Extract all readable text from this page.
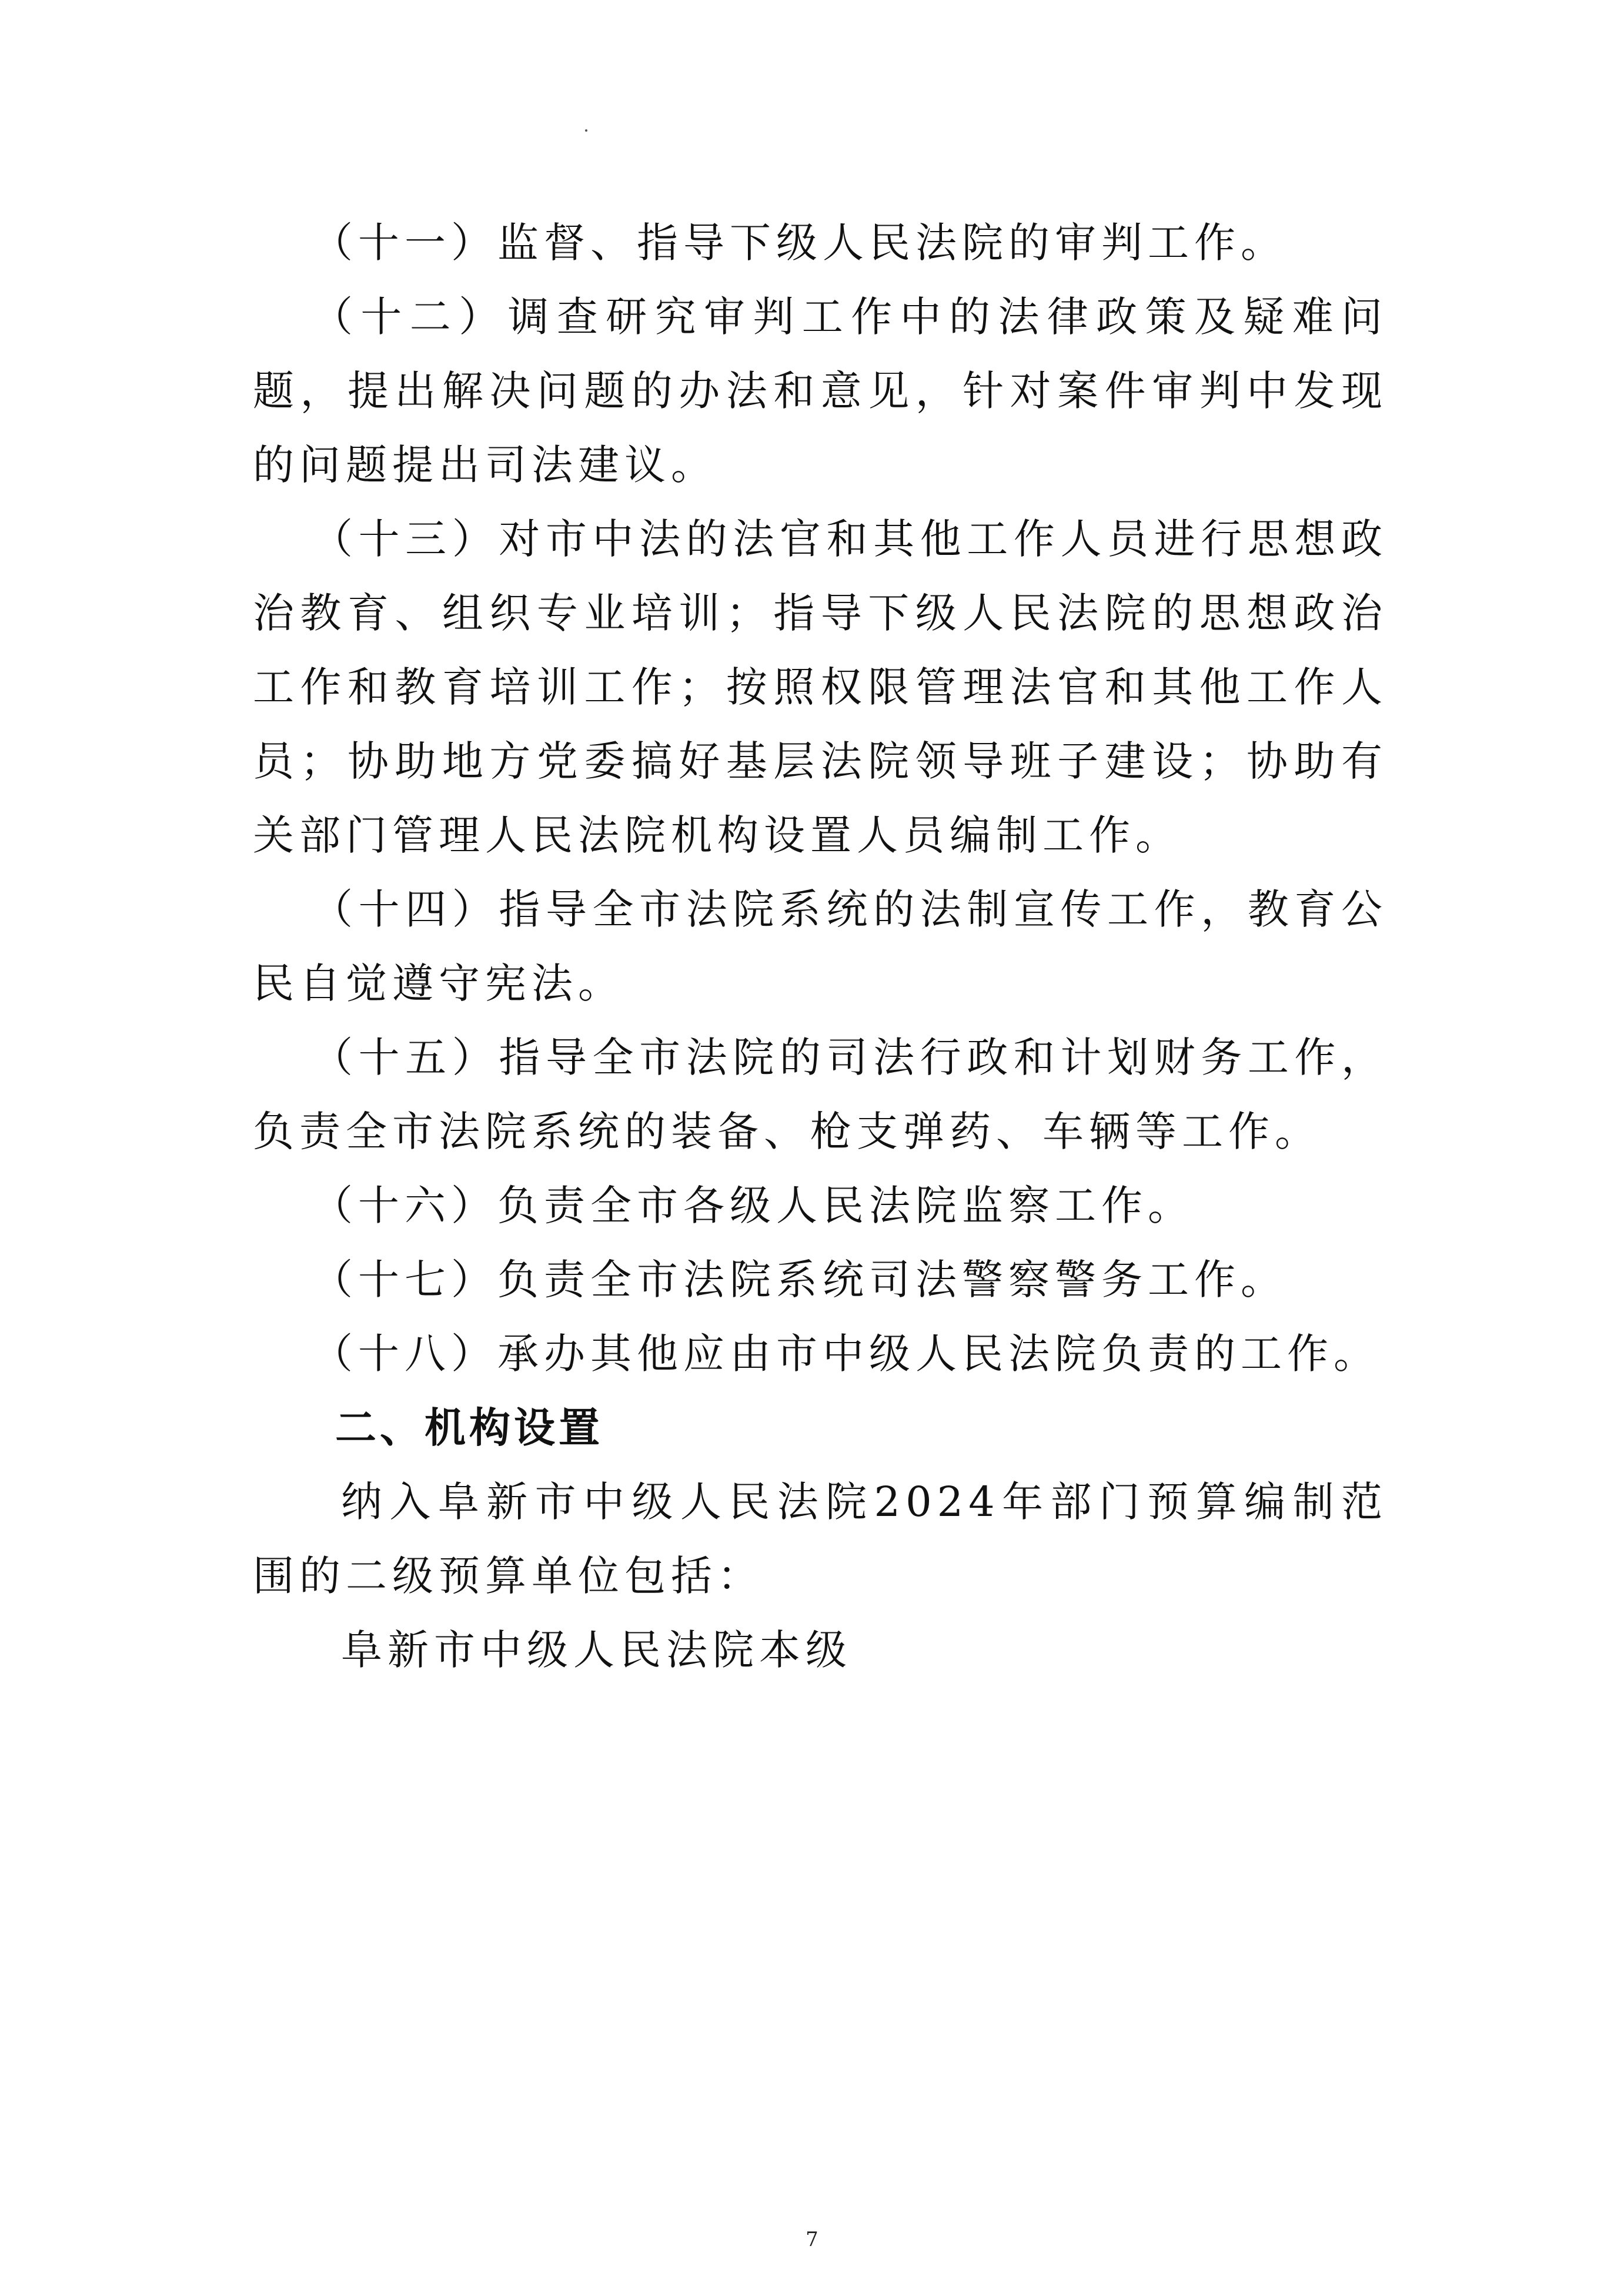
（十一）监督、指导下级人民法院的审判工作。

（十二）调查研究审判工作中的法律政策及疑难问题，提出解决问题的办法和意见，针对案件审判中发现的问题提出司法建议。

（十三）对市中法的法官和其他工作人员进行思想政治教育、组织专业培训；指导下级人民法院的思想政治工作和教育培训工作；按照权限管理法官和其他工作人员；协助地方党委搞好基层法院领导班子建设；协助有关部门管理人民法院机构设置人员编制工作。

（十四）指导全市法院系统的法制宣传工作，教育公民自觉遵守宪法。

（十五）指导全市法院的司法行政和计划财务工作，负责全市法院系统的装备、枪支弹药、车辆等工作。

（十六）负责全市各级人民法院监察工作。

（十七）负责全市法院系统司法警察警务工作。

（十八）承办其他应由市中级人民法院负责的工作。

二、机构设置

纳入阜新市中级人民法院2024年部门预算编制范围的二级预算单位包括：

阜新市中级人民法院本级

7
